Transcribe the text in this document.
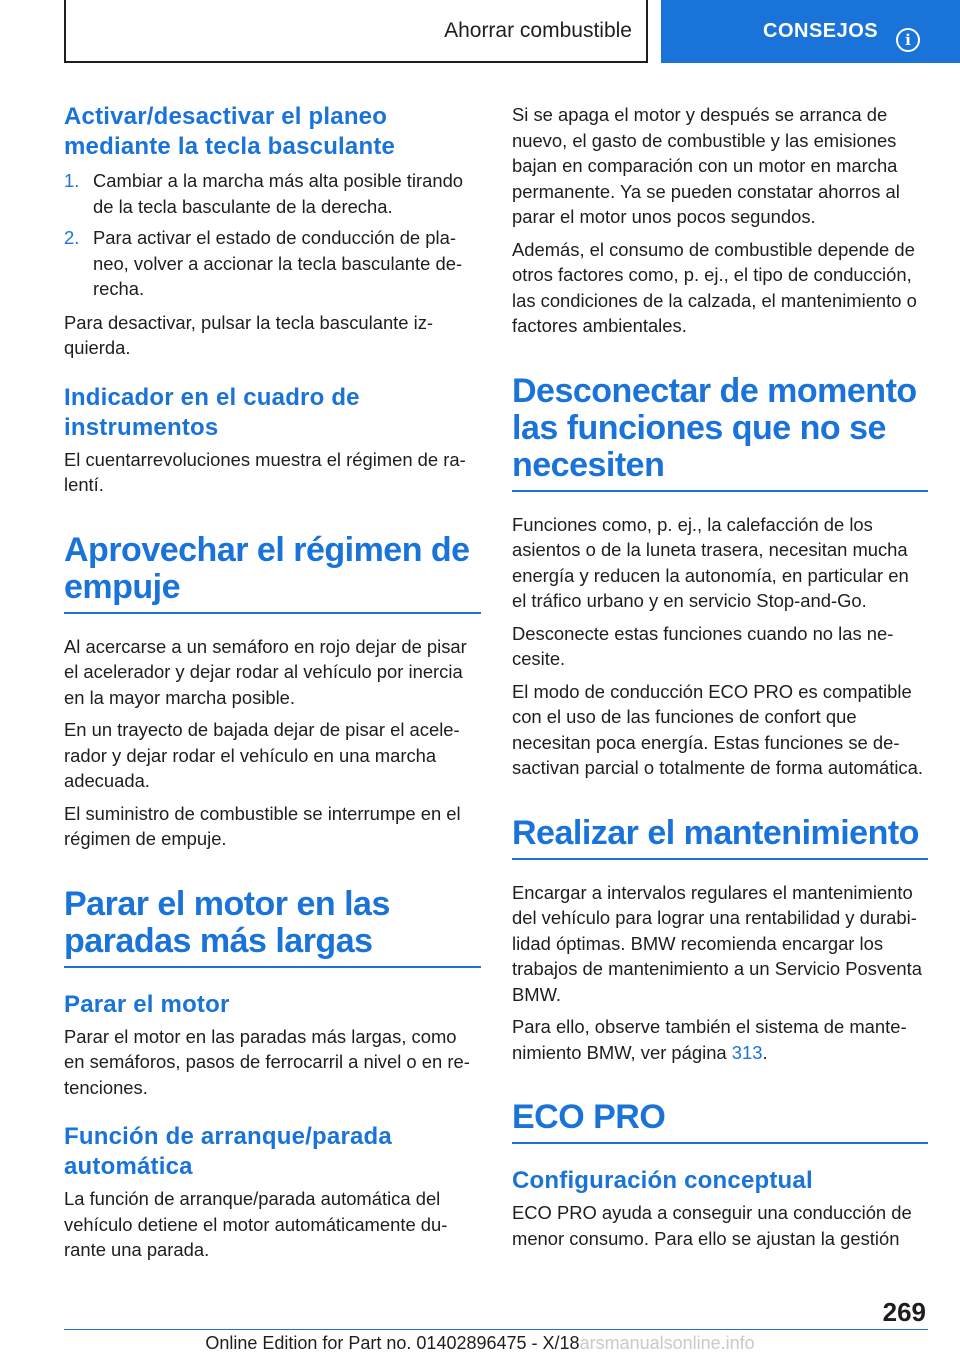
Ahorrar combustible	CONSEJOS	i
Activar/desactivar el planeo mediante la tecla basculante
1. Cambiar a la marcha más alta posible tirando de la tecla basculante de la derecha.
2. Para activar el estado de conducción de planeo, volver a accionar la tecla basculante derecha.

Para desactivar, pulsar la tecla basculante izquierda.

Indicador en el cuadro de instrumentos

El cuentarrevoluciones muestra el régimen de ralentí.

Aprovechar el régimen de empuje

Al acercarse a un semáforo en rojo dejar de pisar el acelerador y dejar rodar al vehículo por inercia en la mayor marcha posible.

En un trayecto de bajada dejar de pisar el acelerador y dejar rodar el vehículo en una marcha adecuada.

El suministro de combustible se interrumpe en el régimen de empuje.

Parar el motor en las paradas más largas
Parar el motor

Parar el motor en las paradas más largas, como en semáforos, pasos de ferrocarril a nivel o en retenciones.

Función de arranque/parada automática

La función de arranque/parada automática del vehículo detiene el motor automáticamente durante una parada.

Si se apaga el motor y después se arranca de nuevo, el gasto de combustible y las emisiones bajan en comparación con un motor en marcha permanente. Ya se pueden constatar ahorros al parar el motor unos pocos segundos.

Además, el consumo de combustible depende de otros factores como, p. ej., el tipo de conducción, las condiciones de la calzada, el mantenimiento o factores ambientales.

Desconectar de momento las funciones que no se necesiten

Funciones como, p. ej., la calefacción de los asientos o de la luneta trasera, necesitan mucha energía y reducen la autonomía, en particular en el tráfico urbano y en servicio Stop-and-Go.

Desconecte estas funciones cuando no las necesite.

El modo de conducción ECO PRO es compatible con el uso de las funciones de confort que necesitan poca energía. Estas funciones se desactivan parcial o totalmente de forma automática.

Realizar el mantenimiento

Encargar a intervalos regulares el mantenimiento del vehículo para lograr una rentabilidad y durabilidad óptimas. BMW recomienda encargar los trabajos de mantenimiento a un Servicio Posventa BMW.

Para ello, observe también el sistema de mantenimiento BMW, ver página 313.

ECO PRO
Configuración conceptual

ECO PRO ayuda a conseguir una conducción de menor consumo. Para ello se ajustan la gestión

269
Online Edition for Part no. 01402896475 - X/18arsmanualsonline.info
